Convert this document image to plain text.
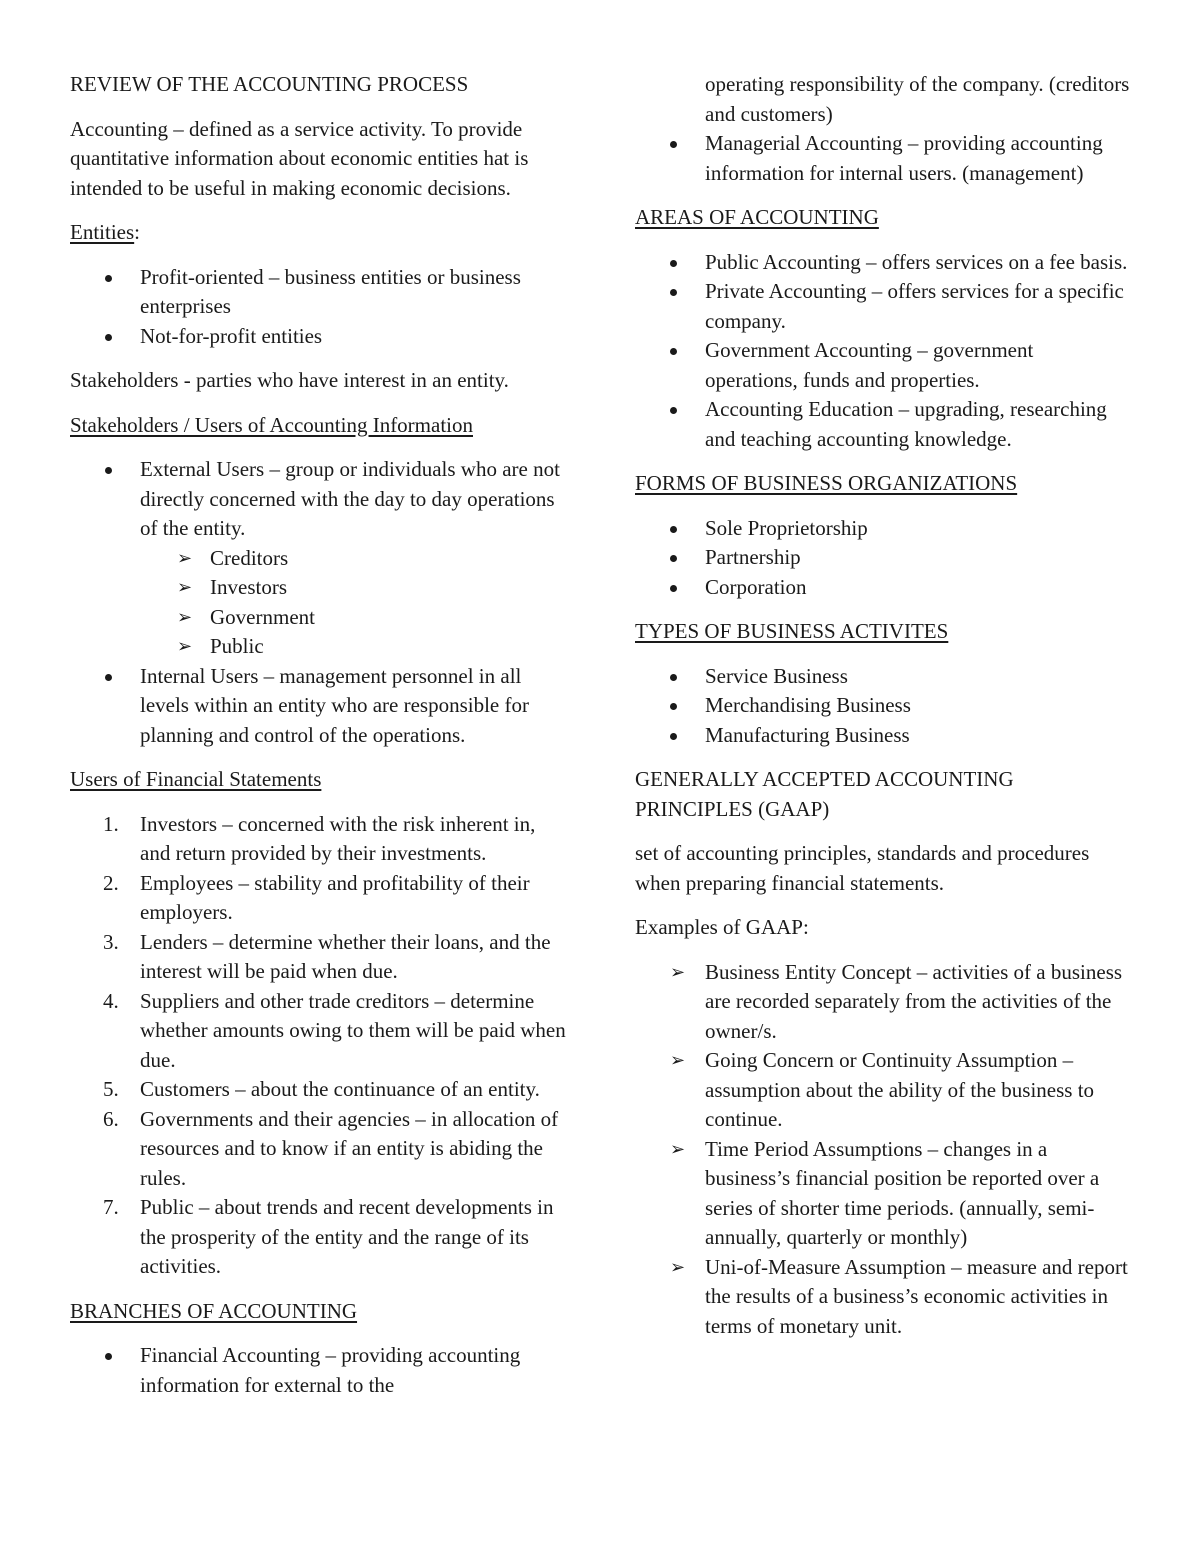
REVIEW OF THE ACCOUNTING PROCESS

Accounting – defined as a service activity. To provide quantitative information about economic entities hat is intended to be useful in making economic decisions.

Entities:

Profit-oriented – business entities or business enterprises
Not-for-profit entities

Stakeholders - parties who have interest in an entity.

Stakeholders / Users of Accounting Information

External Users – group or individuals who are not directly concerned with the day to day operations of the entity.
➢ Creditors
➢ Investors
➢ Government
➢ Public
Internal Users – management personnel in all levels within an entity who are responsible for planning and control of the operations.

Users of Financial Statements

1. Investors – concerned with the risk inherent in, and return provided by their investments.
2. Employees – stability and profitability of their employers.
3. Lenders – determine whether their loans, and the interest will be paid when due.
4. Suppliers and other trade creditors – determine whether amounts owing to them will be paid when due.
5. Customers – about the continuance of an entity.
6. Governments and their agencies – in allocation of resources and to know if an entity is abiding the rules.
7. Public – about trends and recent developments in the prosperity of the entity and the range of its activities.

BRANCHES OF ACCOUNTING

Financial Accounting – providing accounting information for external to the

operating responsibility of the company. (creditors and customers)

Managerial Accounting – providing accounting information for internal users. (management)

AREAS OF ACCOUNTING

Public Accounting – offers services on a fee basis.
Private Accounting – offers services for a specific company.
Government Accounting – government operations, funds and properties.
Accounting Education – upgrading, researching and teaching accounting knowledge.

FORMS OF BUSINESS ORGANIZATIONS

Sole Proprietorship
Partnership
Corporation

TYPES OF BUSINESS ACTIVITES

Service Business
Merchandising Business
Manufacturing Business

GENERALLY ACCEPTED ACCOUNTING PRINCIPLES (GAAP)

set of accounting principles, standards and procedures when preparing financial statements.

Examples of GAAP:

➢ Business Entity Concept – activities of a business are recorded separately from the activities of the owner/s.
➢ Going Concern or Continuity Assumption – assumption about the ability of the business to continue.
➢ Time Period Assumptions – changes in a business’s financial position be reported over a series of shorter time periods. (annually, semi-annually, quarterly or monthly)
➢ Uni-of-Measure Assumption – measure and report the results of a business’s economic activities in terms of monetary unit.
